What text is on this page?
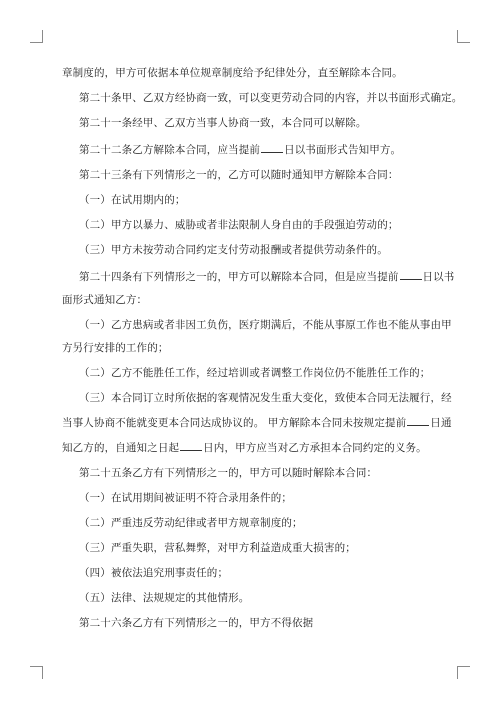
章制度的，甲方可依据本单位规章制度给予纪律处分，直至解除本合同。
第二十条甲、乙双方经协商一致，可以变更劳动合同的内容，并以书面形式确定。
第二十一条经甲、乙双方当事人协商一致，本合同可以解除。
第二十二条乙方解除本合同，应当提前 日以书面形式告知甲方。
第二十三条有下列情形之一的，乙方可以随时通知甲方解除本合同：
（一）在试用期内的；
（二）甲方以暴力、威胁或者非法限制人身自由的手段强迫劳动的；
（三）甲方未按劳动合同约定支付劳动报酬或者提供劳动条件的。
第二十四条有下列情形之一的，甲方可以解除本合同，但是应当提前 日以书
面形式通知乙方：
（一）乙方患病或者非因工负伤，医疗期满后，不能从事原工作也不能从事由甲
方另行安排的工作的；
（二）乙方不能胜任工作，经过培训或者调整工作岗位仍不能胜任工作的；
（三）本合同订立时所依据的客观情况发生重大变化，致使本合同无法履行，经
当事人协商不能就变更本合同达成协议的。 甲方解除本合同未按规定提前 日通
知乙方的，自通知之日起 日内，甲方应当对乙方承担本合同约定的义务。
第二十五条乙方有下列情形之一的，甲方可以随时解除本合同：
（一）在试用期间被证明不符合录用条件的；
（二）严重违反劳动纪律或者甲方规章制度的；
（三）严重失职，营私舞弊，对甲方利益造成重大损害的；
（四）被依法追究刑事责任的；
（五）法律、法规规定的其他情形。
第二十六条乙方有下列情形之一的，甲方不得依据
